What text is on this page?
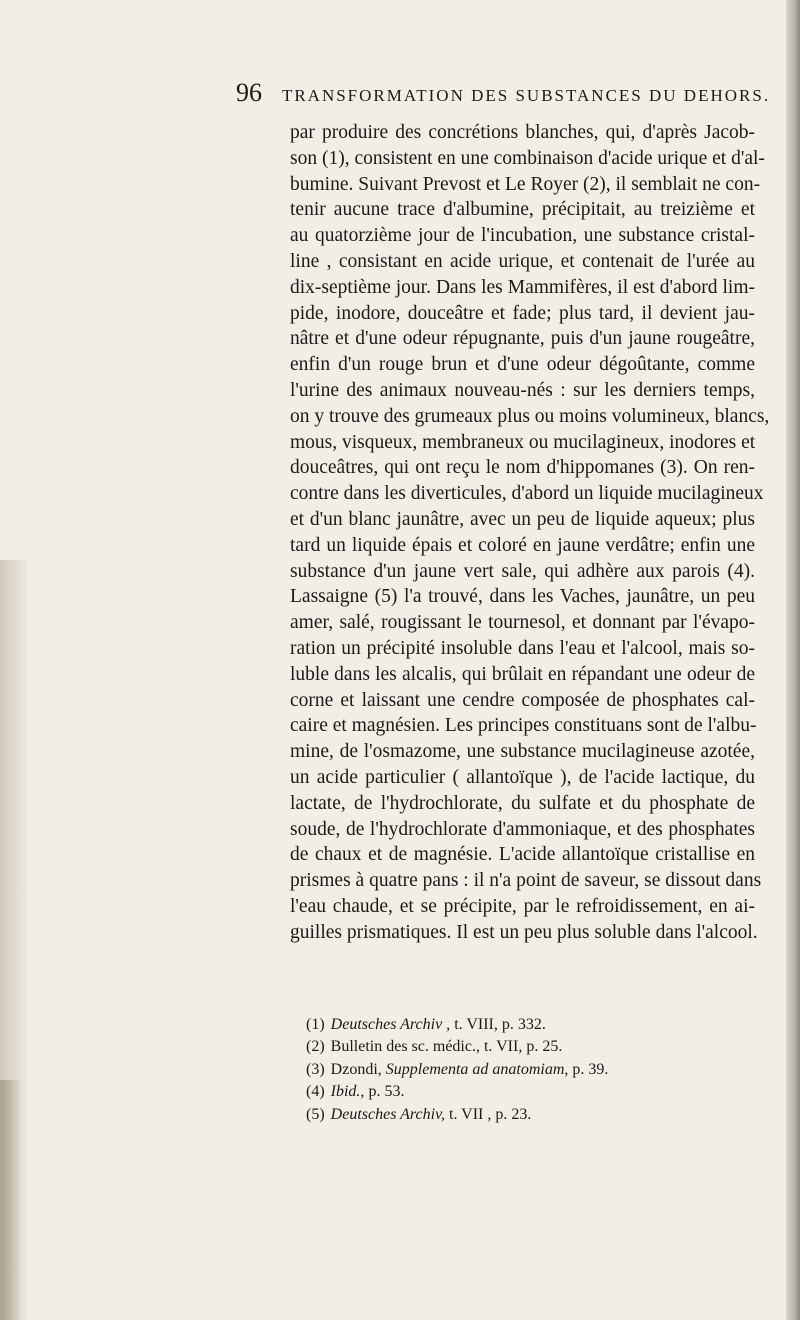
96 TRANSFORMATION DES SUBSTANCES DU DEHORS.
par produire des concrétions blanches, qui, d'après Jacob-
son (1), consistent en une combinaison d'acide urique et d'al-
bumine. Suivant Prevost et Le Royer (2), il semblait ne con-
tenir aucune trace d'albumine, précipitait, au treizième et
au quatorzième jour de l'incubation, une substance cristal-
line , consistant en acide urique, et contenait de l'urée au
dix-septième jour. Dans les Mammifères, il est d'abord lim-
pide, inodore, douceâtre et fade; plus tard, il devient jau-
nâtre et d'une odeur répugnante, puis d'un jaune rougeâtre,
enfin d'un rouge brun et d'une odeur dégoûtante, comme
l'urine des animaux nouveau-nés : sur les derniers temps,
on y trouve des grumeaux plus ou moins volumineux, blancs,
mous, visqueux, membraneux ou mucilagineux, inodores et
douceâtres, qui ont reçu le nom d'hippomanes (3). On ren-
contre dans les diverticules, d'abord un liquide mucilagineux
et d'un blanc jaunâtre, avec un peu de liquide aqueux; plus
tard un liquide épais et coloré en jaune verdâtre; enfin une
substance d'un jaune vert sale, qui adhère aux parois (4).
Lassaigne (5) l'a trouvé, dans les Vaches, jaunâtre, un peu
amer, salé, rougissant le tournesol, et donnant par l'évapo-
ration un précipité insoluble dans l'eau et l'alcool, mais so-
luble dans les alcalis, qui brûlait en répandant une odeur de
corne et laissant une cendre composée de phosphates cal-
caire et magnésien. Les principes constituans sont de l'albu-
mine, de l'osmazome, une substance mucilagineuse azotée,
un acide particulier ( allantoïque ), de l'acide lactique, du
lactate, de l'hydrochlorate, du sulfate et du phosphate de
soude, de l'hydrochlorate d'ammoniaque, et des phosphates
de chaux et de magnésie. L'acide allantoïque cristallise en
prismes à quatre pans : il n'a point de saveur, se dissout dans
l'eau chaude, et se précipite, par le refroidissement, en ai-
guilles prismatiques. Il est un peu plus soluble dans l'alcool.
(1) Deutsches Archiv , t. VIII, p. 332.
(2) Bulletin des sc. médic., t. VII, p. 25.
(3) Dzondi, Supplementa ad anatomiam, p. 39.
(4) Ibid., p. 53.
(5) Deutsches Archiv, t. VII , p. 23.
